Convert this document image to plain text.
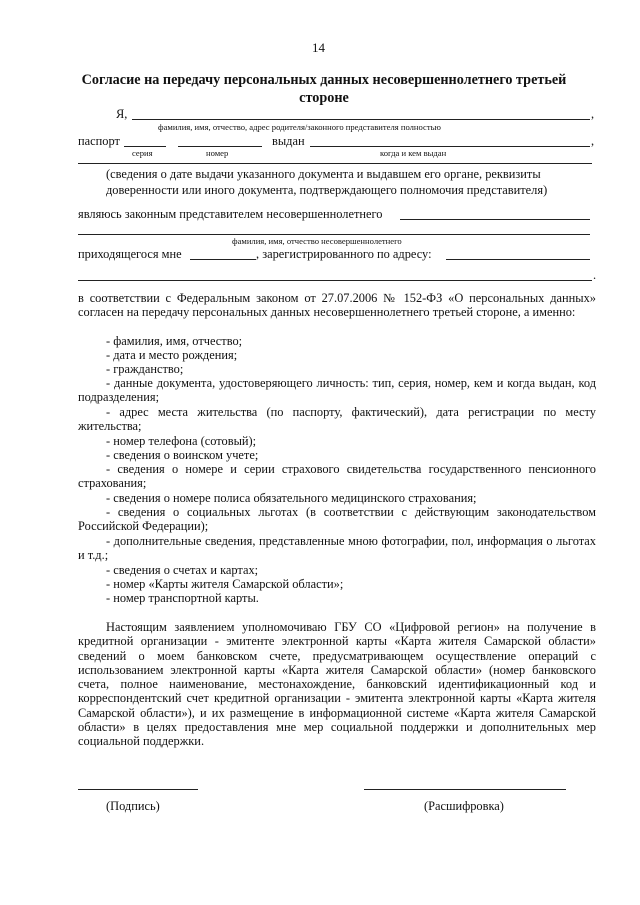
14
Согласие на передачу персональных данных несовершеннолетнего третьей стороне
Я,	,
фамилия, имя, отчество, адрес родителя/законного представителя полностью
паспорт	выдан	,
серия	номер	когда и кем выдан
(сведения о дате выдачи указанного документа и выдавшем его органе, реквизиты
доверенности или иного документа, подтверждающего полномочия представителя)
являюсь законным представителем несовершеннолетнего
фамилия, имя, отчество несовершеннолетнего
приходящегося мне	, зарегистрированного по адресу:
.
в соответствии с Федеральным законом от 27.07.2006 № 152-ФЗ «О персональных данных» согласен на передачу персональных данных несовершеннолетнего третьей стороне, а именно:
- фамилия, имя, отчество;
- дата и место рождения;
- гражданство;
- данные документа, удостоверяющего личность: тип, серия, номер, кем и когда выдан, код подразделения;
- адрес места жительства (по паспорту, фактический), дата регистрации по месту жительства;
- номер телефона (сотовый);
- сведения о воинском учете;
- сведения о номере и серии страхового свидетельства государственного пенсионного страхования;
- сведения о номере полиса обязательного медицинского страхования;
- сведения о социальных льготах (в соответствии с действующим законодательством Российской Федерации);
- дополнительные сведения, представленные мною фотографии, пол, информация о льготах и т.д.;
- сведения о счетах и картах;
- номер «Карты жителя Самарской области»;
- номер транспортной карты.
Настоящим заявлением уполномочиваю ГБУ СО «Цифровой регион» на получение в кредитной организации - эмитенте электронной карты «Карта жителя Самарской области» сведений о моем банковском счете, предусматривающем осуществление операций с использованием электронной карты «Карта жителя Самарской области» (номер банковского счета, полное наименование, местонахождение, банковский идентификационный код и корреспондентский счет кредитной организации - эмитента электронной карты «Карта жителя Самарской области»), и их размещение в информационной системе «Карта жителя Самарской области» в целях предоставления мне мер социальной поддержки и дополнительных мер социальной поддержки.
(Подпись)	(Расшифровка)
